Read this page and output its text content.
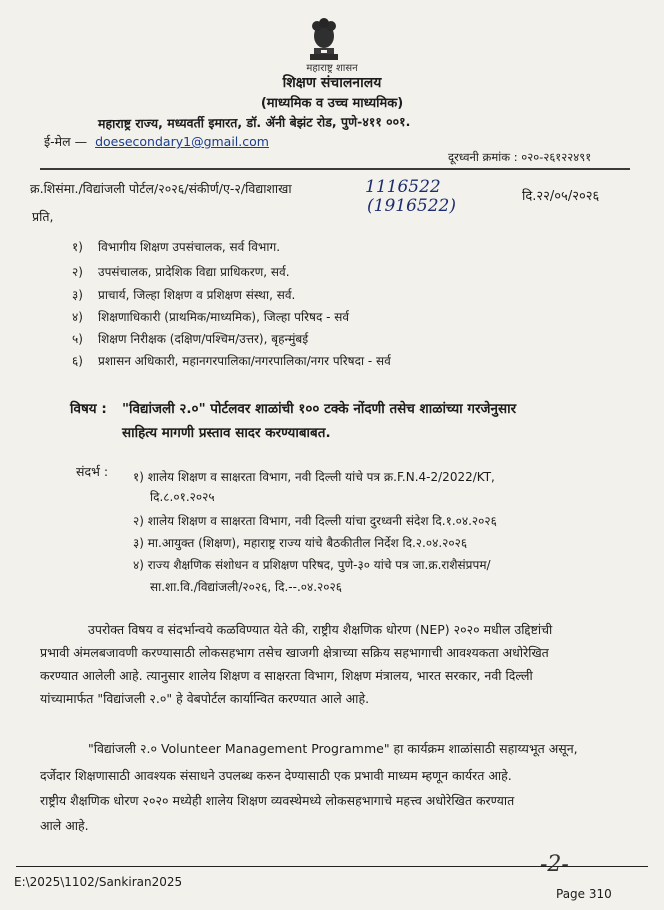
महाराष्ट्र शासन
शिक्षण संचालनालय
(माध्यमिक व उच्च माध्यमिक)
महाराष्ट्र राज्य, मध्यवर्ती इमारत, डॉ. ॲनी बेझंट रोड, पुणे-४११ ००१.
ई-मेल — doesecondary1@gmail.com
दूरध्वनी क्रमांक : ०२०-२६१२२४९१
क्र.शिसंमा./विद्यांजली पोर्टल/२०२६/संकीर्ण/ए-२/विद्याशाखा	1116522
(1916522)	दि.२२/०५/२०२६
प्रति,
१) विभागीय शिक्षण उपसंचालक, सर्व विभाग.
२) उपसंचालक, प्रादेशिक विद्या प्राधिकरण, सर्व.
३) प्राचार्य, जिल्हा शिक्षण व प्रशिक्षण संस्था, सर्व.
४) शिक्षणाधिकारी (प्राथमिक/माध्यमिक), जिल्हा परिषद - सर्व
५) शिक्षण निरीक्षक (दक्षिण/पश्चिम/उत्तर), बृहन्मुंबई
६) प्रशासन अधिकारी, महानगरपालिका/नगरपालिका/नगर परिषदा - सर्व
विषय : "विद्यांजली २.०" पोर्टलवर शाळांची १०० टक्के नोंदणी तसेच शाळांच्या गरजेनुसार
साहित्य मागणी प्रस्ताव सादर करण्याबाबत.
संदर्भ : १) शालेय शिक्षण व साक्षरता विभाग, नवी दिल्ली यांचे पत्र क्र.F.N.4-2/2022/KT,
दि.८.०१.२०२५
२) शालेय शिक्षण व साक्षरता विभाग, नवी दिल्ली यांचा दुरध्वनी संदेश दि.१.०४.२०२६
३) मा.आयुक्त (शिक्षण), महाराष्ट्र राज्य यांचे बैठकीतील निर्देश दि.२.०४.२०२६
४) राज्य शैक्षणिक संशोधन व प्रशिक्षण परिषद, पुणे-३० यांचे पत्र जा.क्र.राशैसंप्रपम/
सा.शा.वि./विद्यांजली/२०२६, दि.--.०४.२०२६
उपरोक्त विषय व संदर्भान्वये कळविण्यात येते की, राष्ट्रीय शैक्षणिक धोरण (NEP) २०२० मधील उद्दिष्टांची
प्रभावी अंमलबजावणी करण्यासाठी लोकसहभाग तसेच खाजगी क्षेत्राच्या सक्रिय सहभागाची आवश्यकता अधोरेखित
करण्यात आलेली आहे. त्यानुसार शालेय शिक्षण व साक्षरता विभाग, शिक्षण मंत्रालय, भारत सरकार, नवी दिल्ली
यांच्यामार्फत "विद्यांजली २.०" हे वेबपोर्टल कार्यान्वित करण्यात आले आहे.
"विद्यांजली २.० Volunteer Management Programme" हा कार्यक्रम शाळांसाठी सहाय्यभूत असून,
दर्जेदार शिक्षणासाठी आवश्यक संसाधने उपलब्ध करुन देण्यासाठी एक प्रभावी माध्यम म्हणून कार्यरत आहे.
राष्ट्रीय शैक्षणिक धोरण २०२० मध्येही शालेय शिक्षण व्यवस्थेमध्ये लोकसहभागाचे महत्त्व अधोरेखित करण्यात
आले आहे.
-2-
E:\2025\1102/Sankiran2025
Page 310
